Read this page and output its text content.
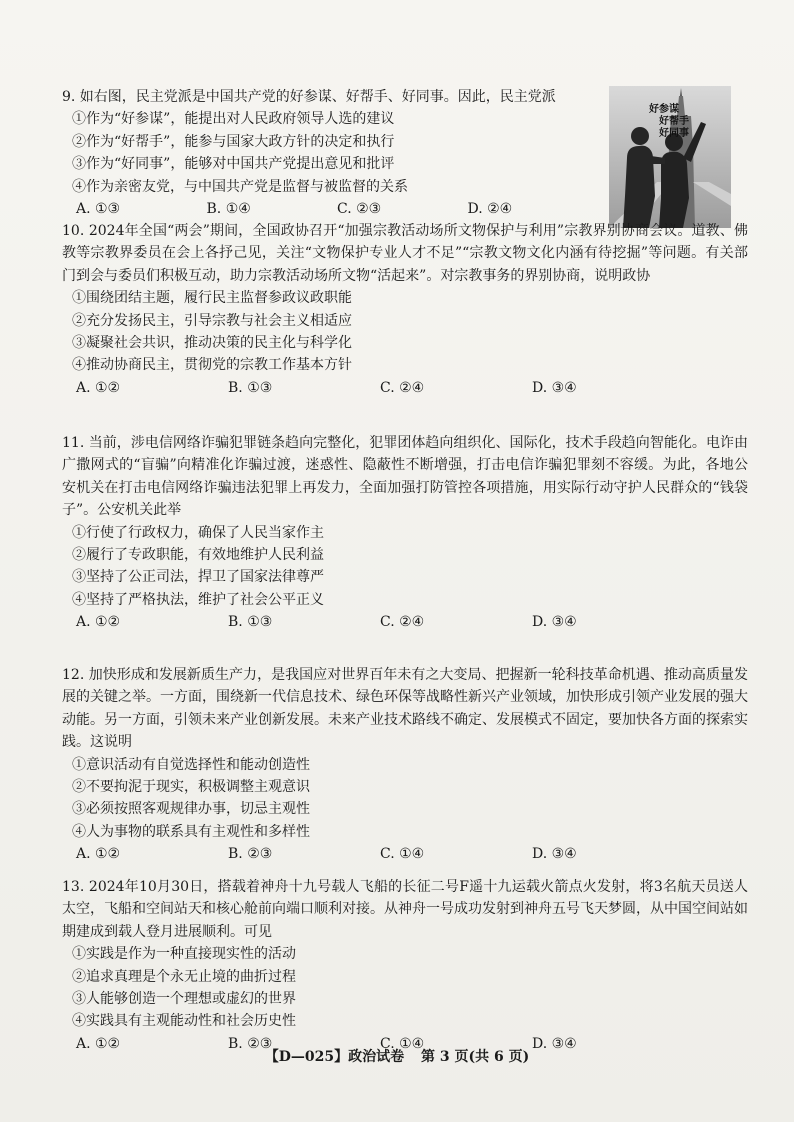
好参谋
好帮手
好同事

9. 如右图，民主党派是中国共产党的好参谋、好帮手、好同事。因此，民主党派

①作为“好参谋”，能提出对人民政府领导人选的建议

②作为“好帮手”，能参与国家大政方针的决定和执行

③作为“好同事”，能够对中国共产党提出意见和批评

④作为亲密友党，与中国共产党是监督与被监督的关系

A. ①③	B. ①④	C. ②③	D. ②④

10. 2024年全国“两会”期间，全国政协召开“加强宗教活动场所文物保护与利用”宗教界别协商会议。道教、佛教等宗教界委员在会上各抒己见，关注“文物保护专业人才不足”“宗教文物文化内涵有待挖掘”等问题。有关部门到会与委员们积极互动，助力宗教活动场所文物“活起来”。对宗教事务的界别协商，说明政协

①围绕团结主题，履行民主监督参政议政职能

②充分发扬民主，引导宗教与社会主义相适应

③凝聚社会共识，推动决策的民主化与科学化

④推动协商民主，贯彻党的宗教工作基本方针

A. ①②	B. ①③	C. ②④	D. ③④

11. 当前，涉电信网络诈骗犯罪链条趋向完整化，犯罪团体趋向组织化、国际化，技术手段趋向智能化。电诈由广撒网式的“盲骗”向精准化诈骗过渡，迷惑性、隐蔽性不断增强，打击电信诈骗犯罪刻不容缓。为此，各地公安机关在打击电信网络诈骗违法犯罪上再发力，全面加强打防管控各项措施，用实际行动守护人民群众的“钱袋子”。公安机关此举

①行使了行政权力，确保了人民当家作主

②履行了专政职能，有效地维护人民利益

③坚持了公正司法，捍卫了国家法律尊严

④坚持了严格执法，维护了社会公平正义

A. ①②	B. ①③	C. ②④	D. ③④

12. 加快形成和发展新质生产力，是我国应对世界百年未有之大变局、把握新一轮科技革命机遇、推动高质量发展的关键之举。一方面，围绕新一代信息技术、绿色环保等战略性新兴产业领域，加快形成引领产业发展的强大动能。另一方面，引领未来产业创新发展。未来产业技术路线不确定、发展模式不固定，要加快各方面的探索实践。这说明

①意识活动有自觉选择性和能动创造性

②不要拘泥于现实，积极调整主观意识

③必须按照客观规律办事，切忌主观性

④人为事物的联系具有主观性和多样性

A. ①②	B. ②③	C. ①④	D. ③④

13. 2024年10月30日，搭载着神舟十九号载人飞船的长征二号F遥十九运载火箭点火发射，将3名航天员送人太空，飞船和空间站天和核心舱前向端口顺利对接。从神舟一号成功发射到神舟五号飞天梦圆，从中国空间站如期建成到载人登月进展顺利。可见

①实践是作为一种直接现实性的活动

②追求真理是个永无止境的曲折过程

③人能够创造一个理想或虚幻的世界

④实践具有主观能动性和社会历史性

A. ①②	B. ②③	C. ①④	D. ③④
【D—025】政治试卷 第 3 页(共 6 页)
